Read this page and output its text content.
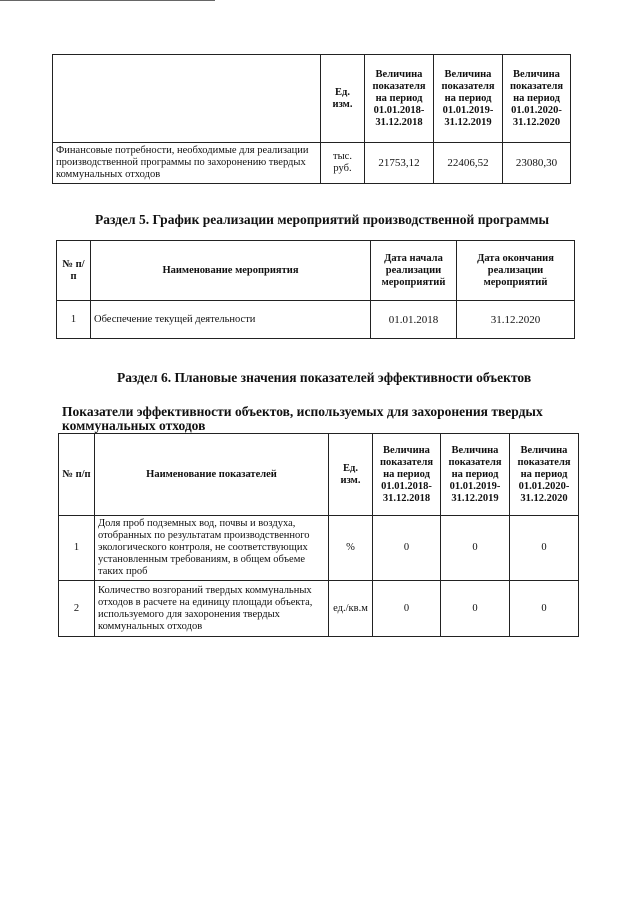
	Ед. изм.	Величина показателя на период 01.01.2018-31.12.2018	Величина показателя на период 01.01.2019-31.12.2019	Величина показателя на период 01.01.2020-31.12.2020
Финансовые потребности, необходимые для реализации производственной программы по захоронению твердых коммунальных отходов	тыс. руб.	21753,12	22406,52	23080,30
Раздел 5. График реализации мероприятий производственной программы
№ п/п	Наименование мероприятия	Дата начала реализации мероприятий	Дата окончания реализации мероприятий
1	Обеспечение текущей деятельности	01.01.2018	31.12.2020
Раздел 6. Плановые значения показателей эффективности объектов
Показатели эффективности объектов, используемых для захоронения твердых коммунальных отходов
№ п/п	Наименование показателей	Ед. изм.	Величина показателя на период 01.01.2018-31.12.2018	Величина показателя на период 01.01.2019-31.12.2019	Величина показателя на период 01.01.2020-31.12.2020
1	Доля проб подземных вод, почвы и воздуха, отобранных по результатам производственного экологического контроля, не соответствующих установленным требованиям, в общем объеме таких проб	%	0	0	0
2	Количество возгораний твердых коммунальных отходов в расчете на единицу площади объекта, используемого для захоронения твердых коммунальных отходов	ед./кв.м	0	0	0
